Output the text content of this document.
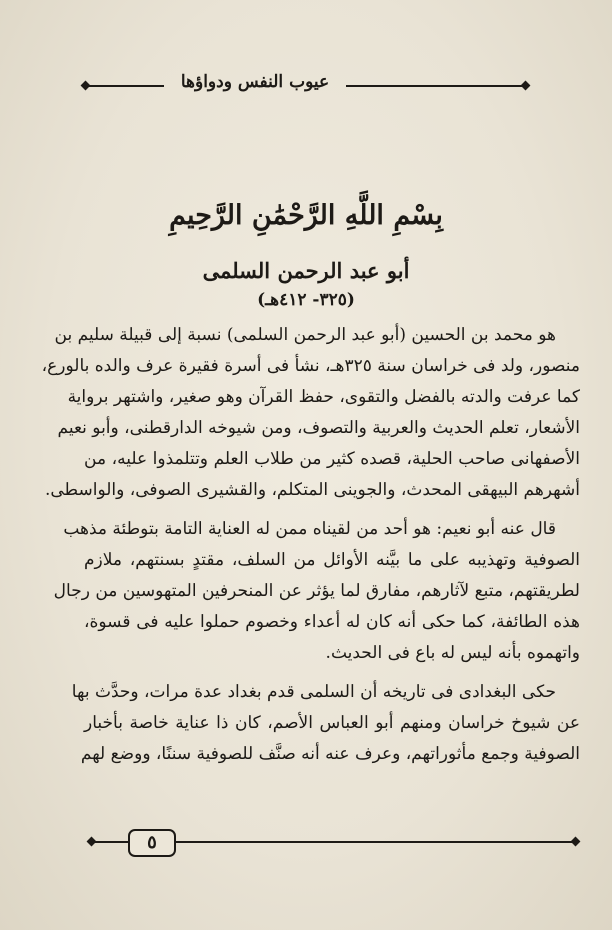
عيوب النفس ودواؤها
بِسْمِ اللَّهِ الرَّحْمَٰنِ الرَّحِيمِ
أبو عبد الرحمن السلمى
(٣٢٥- ٤١٢هـ)

هو محمد بن الحسين (أبو عبد الرحمن السلمى) نسبة إلى قبيلة سليم بن
منصور، ولد فى خراسان سنة ٣٢٥هـ، نشأ فى أسرة فقيرة عرف والده بالورع،
كما عرفت والدته بالفضل والتقوى، حفظ القرآن وهو صغير، واشتهر برواية
الأشعار، تعلم الحديث والعربية والتصوف، ومن شيوخه الدارقطنى، وأبو نعيم
الأصفهانى صاحب الحلية، قصده كثير من طلاب العلم وتتلمذوا عليه، من
أشهرهم البيهقى المحدث، والجوينى المتكلم، والقشيرى الصوفى، والواسطى.

قال عنه أبو نعيم: هو أحد من لقيناه ممن له العناية التامة بتوطئة مذهب
الصوفية وتهذيبه على ما بيَّنه الأوائل من السلف، مقتدٍ بسنتهم، ملازم
لطريقتهم، متبع لآثارهم، مفارق لما يؤثر عن المنحرفين المتهوسين من رجال
هذه الطائفة، كما حكى أنه كان له أعداء وخصوم حملوا عليه فى قسوة،
واتهموه بأنه ليس له باع فى الحديث.

حكى البغدادى فى تاريخه أن السلمى قدم بغداد عدة مرات، وحدَّث بها
عن شيوخ خراسان ومنهم أبو العباس الأصم، كان ذا عناية خاصة بأخبار
الصوفية وجمع مأثوراتهم، وعرف عنه أنه صنَّف للصوفية سننًا، ووضع لهم

٥
